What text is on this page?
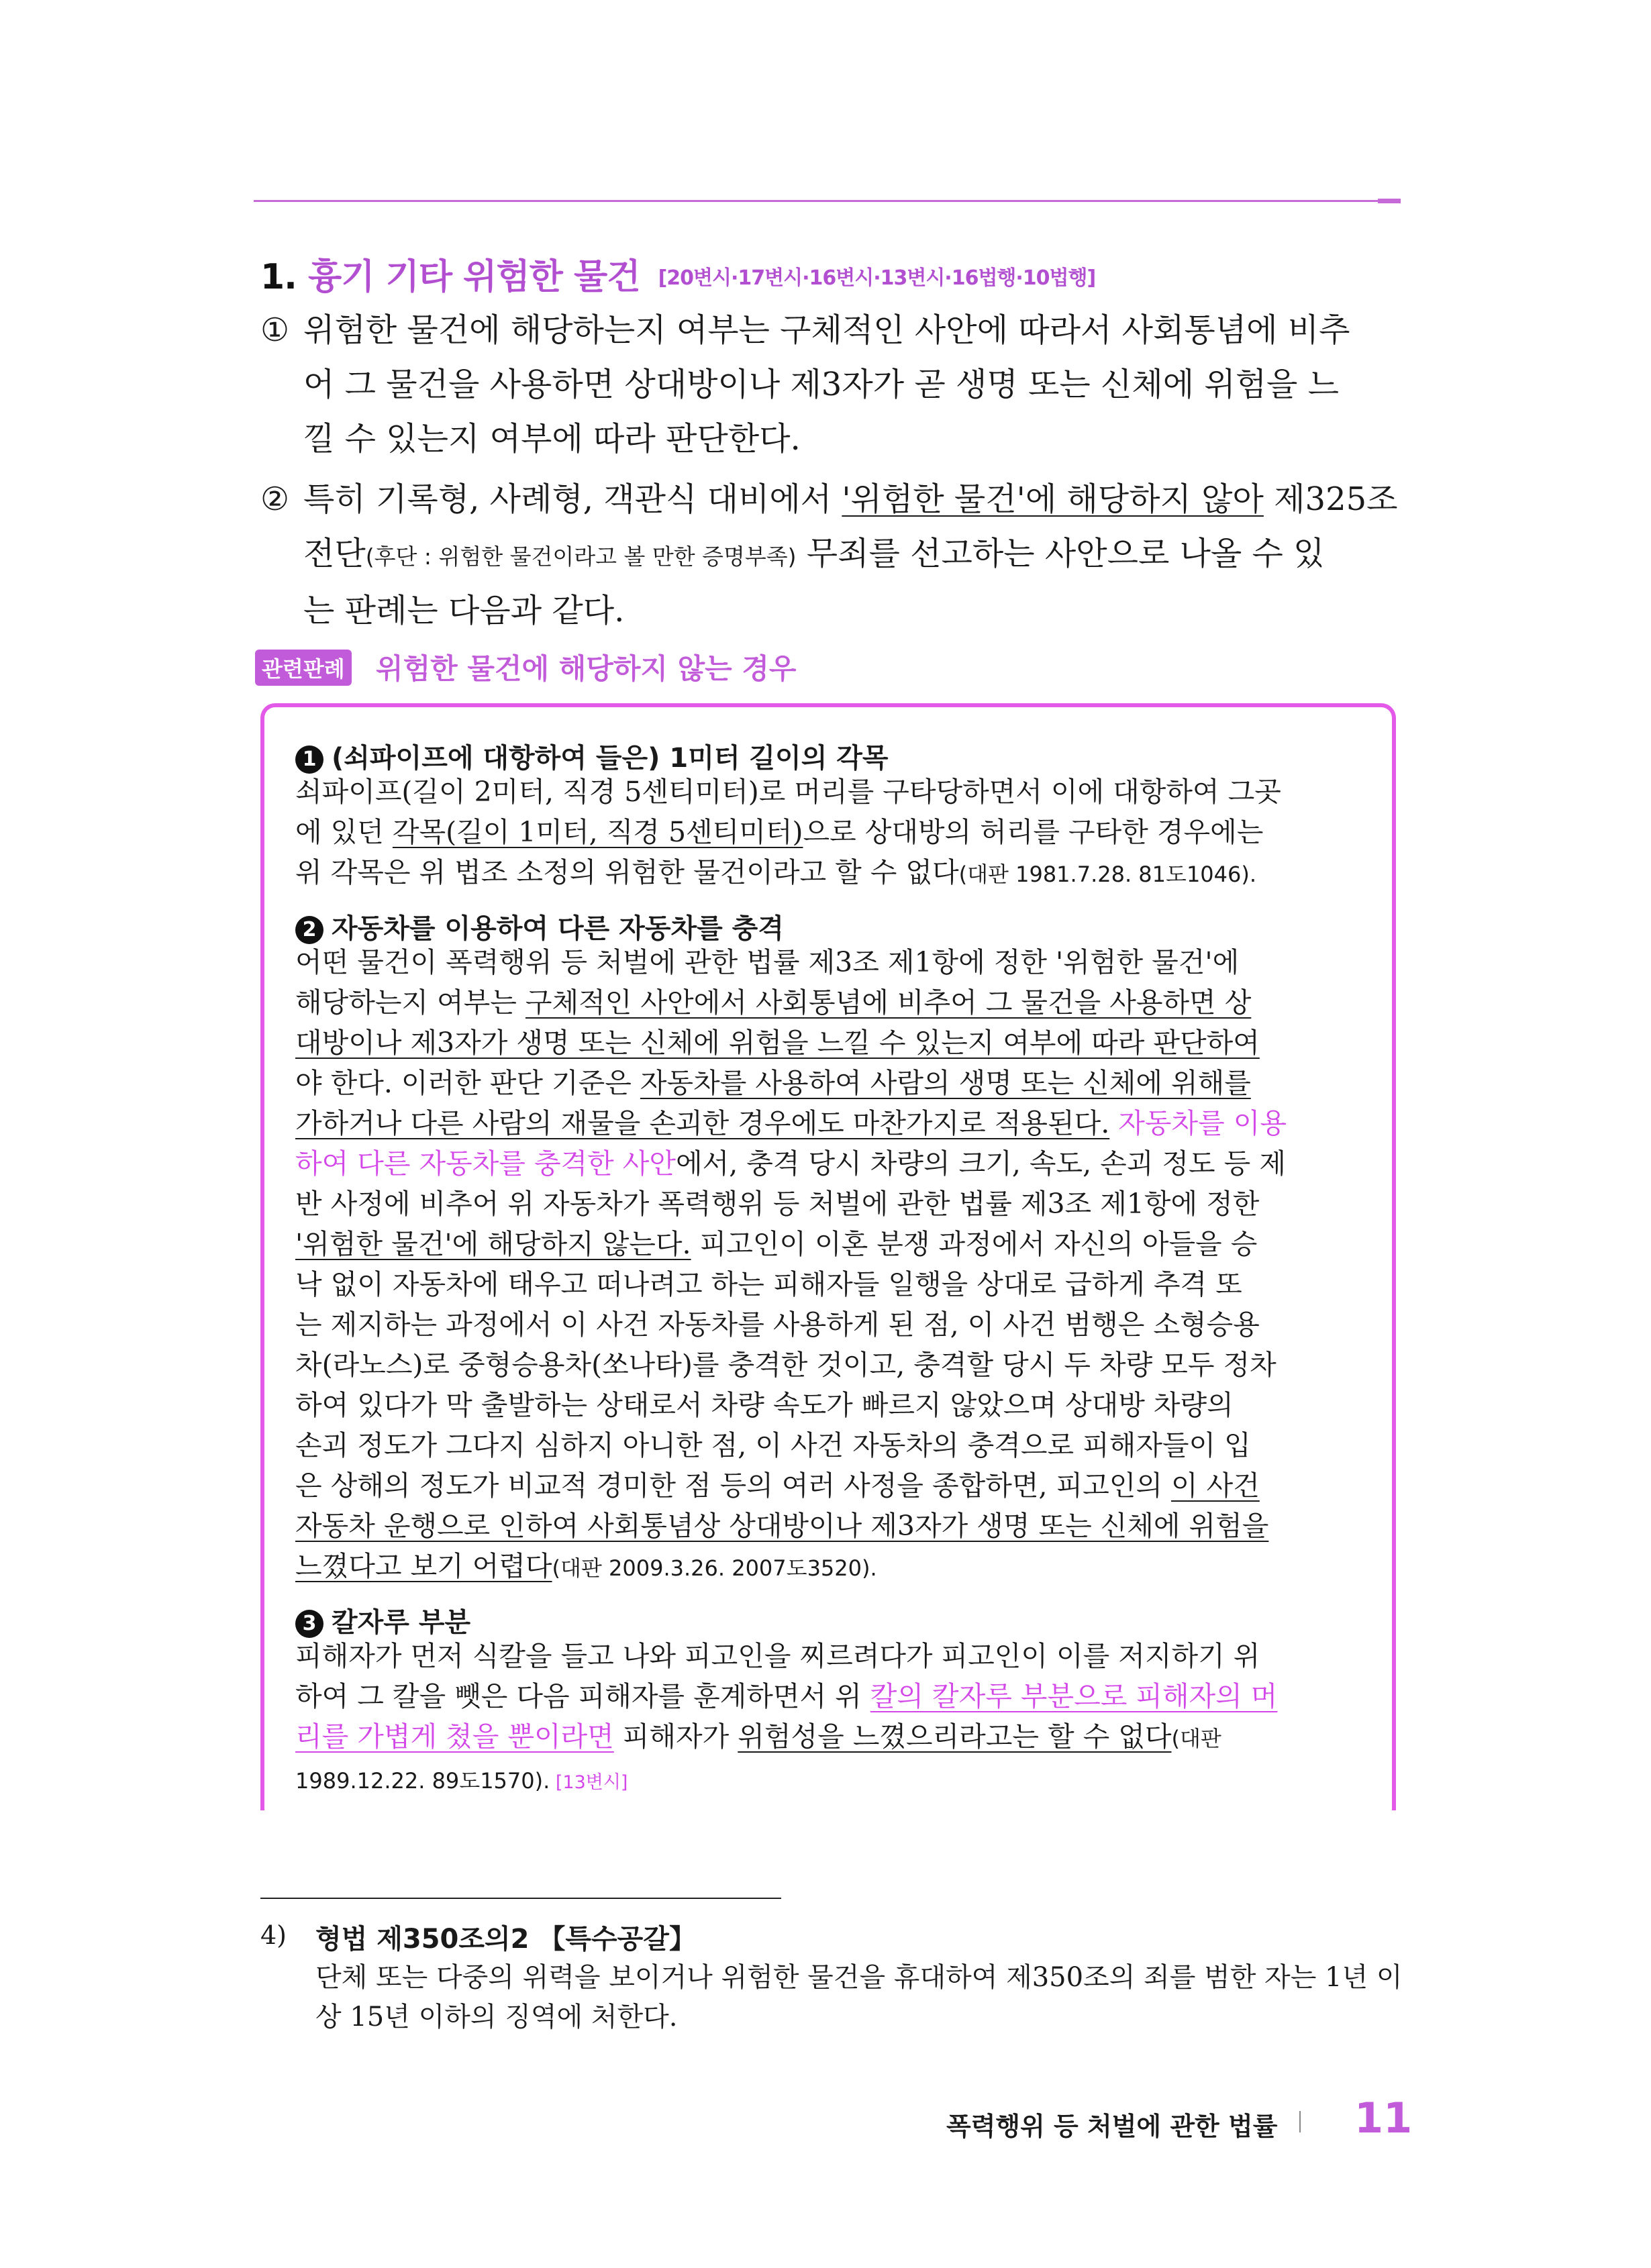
1. 흉기 기타 위험한 물건 [20변시·17변시·16변시·13변시·16법행·10법행]
① 위험한 물건에 해당하는지 여부는 구체적인 사안에 따라서 사회통념에 비추
어 그 물건을 사용하면 상대방이나 제3자가 곧 생명 또는 신체에 위험을 느
낄 수 있는지 여부에 따라 판단한다.
② 특히 기록형, 사례형, 객관식 대비에서 '위험한 물건'에 해당하지 않아 제325조
전단(후단 : 위험한 물건이라고 볼 만한 증명부족) 무죄를 선고하는 사안으로 나올 수 있
는 판례는 다음과 같다.
관련판례 위험한 물건에 해당하지 않는 경우
1 (쇠파이프에 대항하여 들은) 1미터 길이의 각목
쇠파이프(길이 2미터, 직경 5센티미터)로 머리를 구타당하면서 이에 대항하여 그곳
에 있던 각목(길이 1미터, 직경 5센티미터)으로 상대방의 허리를 구타한 경우에는
위 각목은 위 법조 소정의 위험한 물건이라고 할 수 없다(대판 1981.7.28. 81도1046).
2 자동차를 이용하여 다른 자동차를 충격
어떤 물건이 폭력행위 등 처벌에 관한 법률 제3조 제1항에 정한 '위험한 물건'에
해당하는지 여부는 구체적인 사안에서 사회통념에 비추어 그 물건을 사용하면 상
대방이나 제3자가 생명 또는 신체에 위험을 느낄 수 있는지 여부에 따라 판단하여
야 한다. 이러한 판단 기준은 자동차를 사용하여 사람의 생명 또는 신체에 위해를
가하거나 다른 사람의 재물을 손괴한 경우에도 마찬가지로 적용된다. 자동차를 이용
하여 다른 자동차를 충격한 사안에서, 충격 당시 차량의 크기, 속도, 손괴 정도 등 제
반 사정에 비추어 위 자동차가 폭력행위 등 처벌에 관한 법률 제3조 제1항에 정한
'위험한 물건'에 해당하지 않는다. 피고인이 이혼 분쟁 과정에서 자신의 아들을 승
낙 없이 자동차에 태우고 떠나려고 하는 피해자들 일행을 상대로 급하게 추격 또
는 제지하는 과정에서 이 사건 자동차를 사용하게 된 점, 이 사건 범행은 소형승용
차(라노스)로 중형승용차(쏘나타)를 충격한 것이고, 충격할 당시 두 차량 모두 정차
하여 있다가 막 출발하는 상태로서 차량 속도가 빠르지 않았으며 상대방 차량의
손괴 정도가 그다지 심하지 아니한 점, 이 사건 자동차의 충격으로 피해자들이 입
은 상해의 정도가 비교적 경미한 점 등의 여러 사정을 종합하면, 피고인의 이 사건
자동차 운행으로 인하여 사회통념상 상대방이나 제3자가 생명 또는 신체에 위험을
느꼈다고 보기 어렵다(대판 2009.3.26. 2007도3520).
3 칼자루 부분
피해자가 먼저 식칼을 들고 나와 피고인을 찌르려다가 피고인이 이를 저지하기 위
하여 그 칼을 뺏은 다음 피해자를 훈계하면서 위 칼의 칼자루 부분으로 피해자의 머
리를 가볍게 쳤을 뿐이라면 피해자가 위험성을 느꼈으리라고는 할 수 없다(대판
1989.12.22. 89도1570). [13변시]
4) 형법 제350조의2 【특수공갈】
단체 또는 다중의 위력을 보이거나 위험한 물건을 휴대하여 제350조의 죄를 범한 자는 1년 이
상 15년 이하의 징역에 처한다.
폭력행위 등 처벌에 관한 법률 11
